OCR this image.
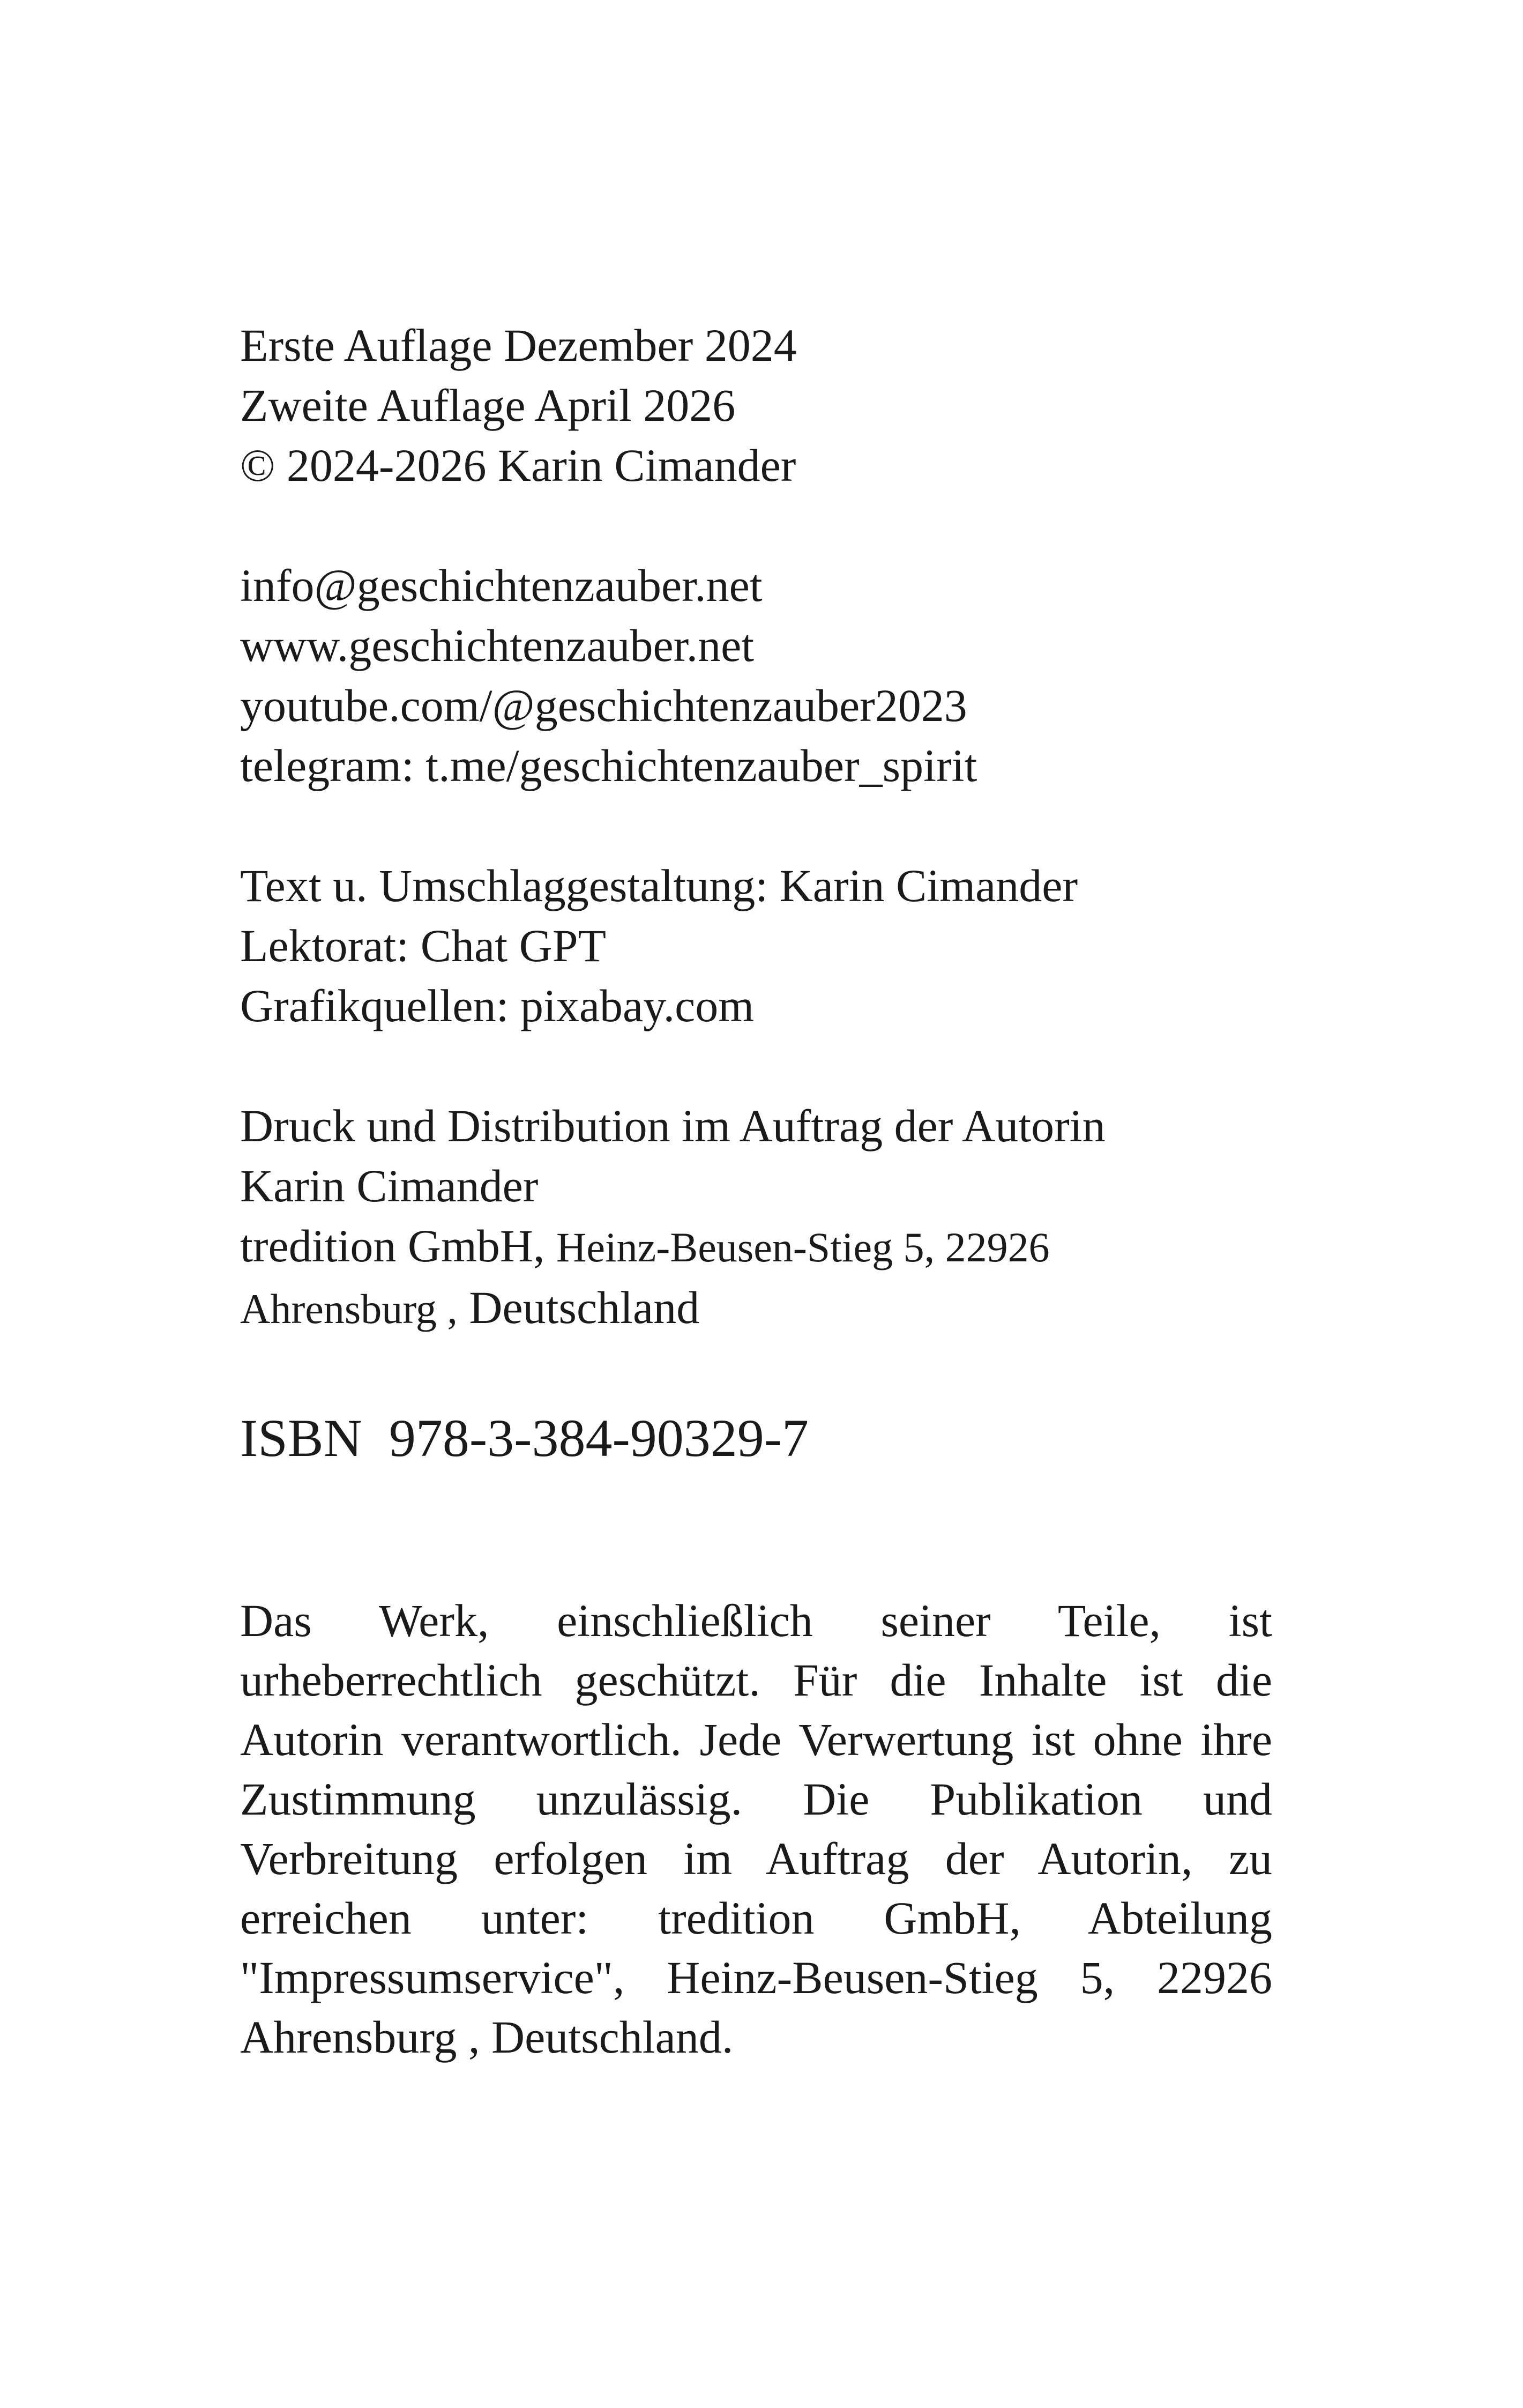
Erste Auflage Dezember 2024
Zweite Auflage April 2026
© 2024-2026 Karin Cimander
info@geschichtenzauber.net
www.geschichtenzauber.net
youtube.com/@geschichtenzauber2023
telegram: t.me/geschichtenzauber_spirit
Text u. Umschlaggestaltung: Karin Cimander
Lektorat: Chat GPT
Grafikquellen: pixabay.com
Druck und Distribution im Auftrag der Autorin
Karin Cimander
tredition GmbH, Heinz-Beusen-Stieg 5, 22926
Ahrensburg , Deutschland
ISBN 978-3-384-90329-7
Das Werk, einschließlich seiner Teile, ist urheberrechtlich geschützt. Für die Inhalte ist die Autorin verantwortlich. Jede Verwertung ist ohne ihre Zustimmung unzulässig. Die Publikation und Verbreitung erfolgen im Auftrag der Autorin, zu erreichen unter: tredition GmbH, Abteilung "Impressumservice", Heinz-Beusen-Stieg 5, 22926 Ahrensburg , Deutschland.
